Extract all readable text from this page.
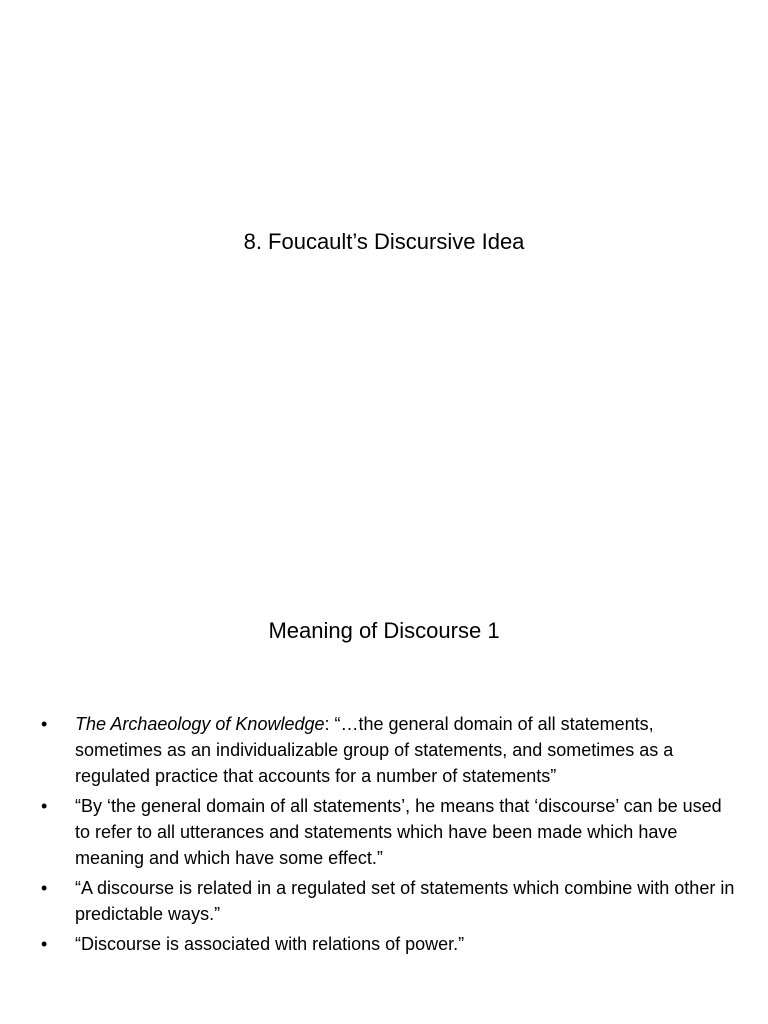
8. Foucault’s Discursive Idea
Meaning of Discourse 1
• The Archaeology of Knowledge: “…the general domain of all statements, sometimes as an individualizable group of statements, and sometimes as a regulated practice that accounts for a number of statements”
• “By ‘the general domain of all statements’, he means that ‘discourse’ can be used to refer to all utterances and statements which have been made which have meaning and which have some effect.”
• “A discourse is related in a regulated set of statements which combine with other in predictable ways.”
• “Discourse is associated with relations of power.”
